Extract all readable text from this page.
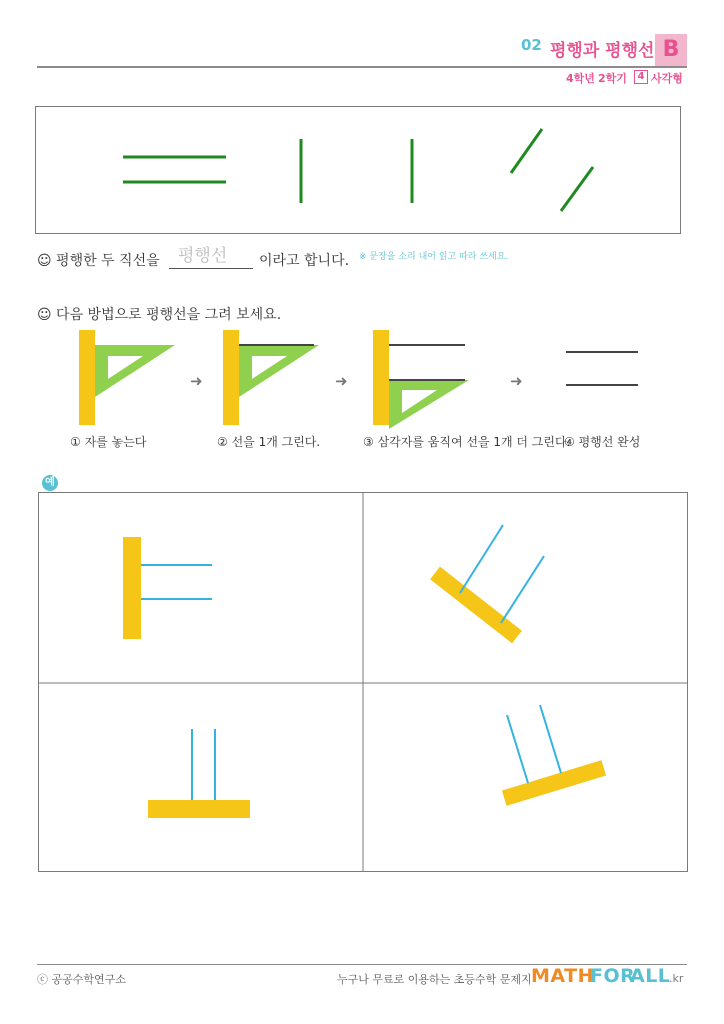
02 평행과 평행선 B
4학년 2학기	4 사각형
☺ 평행한 두 직선을 평행선 이라고 합니다. ※ 문장을 소리 내어 읽고 따라 쓰세요.
☺ 다음 방법으로 평행선을 그려 보세요.
➜	➜	➜
① 자를 놓는다	② 선을 1개 그린다.	③ 삼각자를 움직여 선을 1개 더 그린다.
④ 평행선 완성
예
ⓒ 공공수학연구소	누구나 무료로 이용하는 초등수학 문제지 MATH
FOR
ALL
.kr
